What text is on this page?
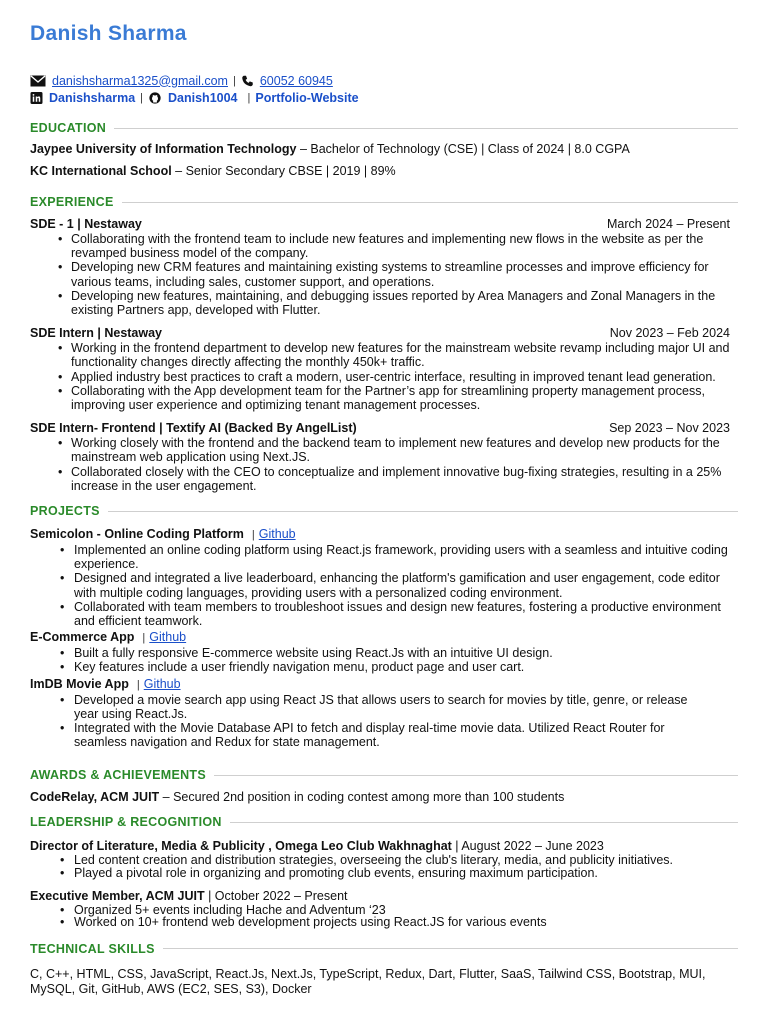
Danish Sharma
danishsharma1325@gmail.com | 60052 60945
Danishsharma | Danish1004 | Portfolio-Website
EDUCATION
Jaypee University of Information Technology – Bachelor of Technology (CSE) | Class of 2024 | 8.0 CGPA
KC International School – Senior Secondary CBSE | 2019 | 89%
EXPERIENCE
SDE - 1 | Nestaway	March 2024 – Present
• Collaborating with the frontend team to include new features and implementing new flows in the website as per the revamped business model of the company.
• Developing new CRM features and maintaining existing systems to streamline processes and improve efficiency for various teams, including sales, customer support, and operations.
• Developing new features, maintaining, and debugging issues reported by Area Managers and Zonal Managers in the existing Partners app, developed with Flutter.
SDE Intern | Nestaway	Nov 2023 – Feb 2024
• Working in the frontend department to develop new features for the mainstream website revamp including major UI and functionality changes directly affecting the monthly 450k+ traffic.
• Applied industry best practices to craft a modern, user-centric interface, resulting in improved tenant lead generation.
• Collaborating with the App development team for the Partner’s app for streamlining property management process, improving user experience and optimizing tenant management processes.
SDE Intern- Frontend | Textify AI (Backed By AngelList)	Sep 2023 – Nov 2023
• Working closely with the frontend and the backend team to implement new features and develop new products for the mainstream web application using Next.JS.
• Collaborated closely with the CEO to conceptualize and implement innovative bug-fixing strategies, resulting in a 25% increase in the user engagement.
PROJECTS
Semicolon - Online Coding Platform | Github
• Implemented an online coding platform using React.js framework, providing users with a seamless and intuitive coding experience.
• Designed and integrated a live leaderboard, enhancing the platform's gamification and user engagement, code editor with multiple coding languages, providing users with a personalized coding environment.
• Collaborated with team members to troubleshoot issues and design new features, fostering a productive environment and efficient teamwork.
E-Commerce App | Github
• Built a fully responsive E-commerce website using React.Js with an intuitive UI design.
• Key features include a user friendly navigation menu, product page and user cart.
ImDB Movie App | Github
• Developed a movie search app using React JS that allows users to search for movies by title, genre, or release year using React.Js.
• Integrated with the Movie Database API to fetch and display real-time movie data. Utilized React Router for seamless navigation and Redux for state management.
AWARDS & ACHIEVEMENTS
CodeRelay, ACM JUIT – Secured 2nd position in coding contest among more than 100 students
LEADERSHIP & RECOGNITION
Director of Literature, Media & Publicity , Omega Leo Club Wakhnaghat | August 2022 – June 2023
• Led content creation and distribution strategies, overseeing the club's literary, media, and publicity initiatives.
• Played a pivotal role in organizing and promoting club events, ensuring maximum participation.
Executive Member, ACM JUIT | October 2022 – Present
• Organized 5+ events including Hache and Adventum ‘23
• Worked on 10+ frontend web development projects using React.JS for various events
TECHNICAL SKILLS
C, C++, HTML, CSS, JavaScript, React.Js, Next.Js, TypeScript, Redux, Dart, Flutter, SaaS, Tailwind CSS, Bootstrap, MUI, MySQL, Git, GitHub, AWS (EC2, SES, S3), Docker
